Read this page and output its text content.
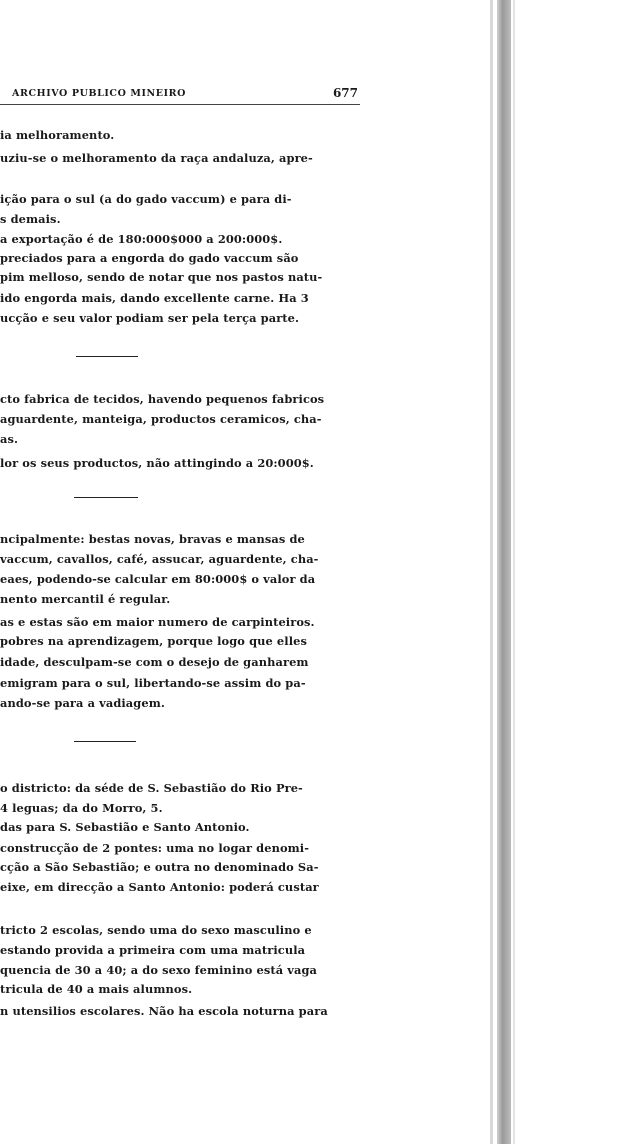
ARCHIVO PUBLICO MINEIRO	677
ia melhoramento.
uziu-se o melhoramento da raça andaluza, apre-
ição para o sul (a do gado vaccum) e para di-
s demais.
a exportação é de 180:000$000 a 200:000$.
preciados para a engorda do gado vaccum são
pim melloso, sendo de notar que nos pastos natu-
ido engorda mais, dando excellente carne. Ha 3
ucção e seu valor podiam ser pela terça parte.
cto fabrica de tecidos, havendo pequenos fabricos
aguardente, manteiga, productos ceramicos, cha-
as.
lor os seus productos, não attingindo a 20:000$.
ncipalmente: bestas novas, bravas e mansas de
vaccum, cavallos, café, assucar, aguardente, cha-
eaes, podendo-se calcular em 80:000$ o valor da
nento mercantil é regular.
as e estas são em maior numero de carpinteiros.
pobres na aprendizagem, porque logo que elles
idade, desculpam-se com o desejo de ganharem
emigram para o sul, libertando-se assim do pa-
ando-se para a vadiagem.
o districto: da séde de S. Sebastião do Rio Pre-
4 leguas; da do Morro, 5.
das para S. Sebastião e Santo Antonio.
construcção de 2 pontes: uma no logar denomi-
cção a São Sebastião; e outra no denominado Sa-
eixe, em direcção a Santo Antonio: poderá custar
tricto 2 escolas, sendo uma do sexo masculino e
estando provida a primeira com uma matricula
quencia de 30 a 40; a do sexo feminino está vaga
tricula de 40 a mais alumnos.
n utensilios escolares. Não ha escola noturna para
